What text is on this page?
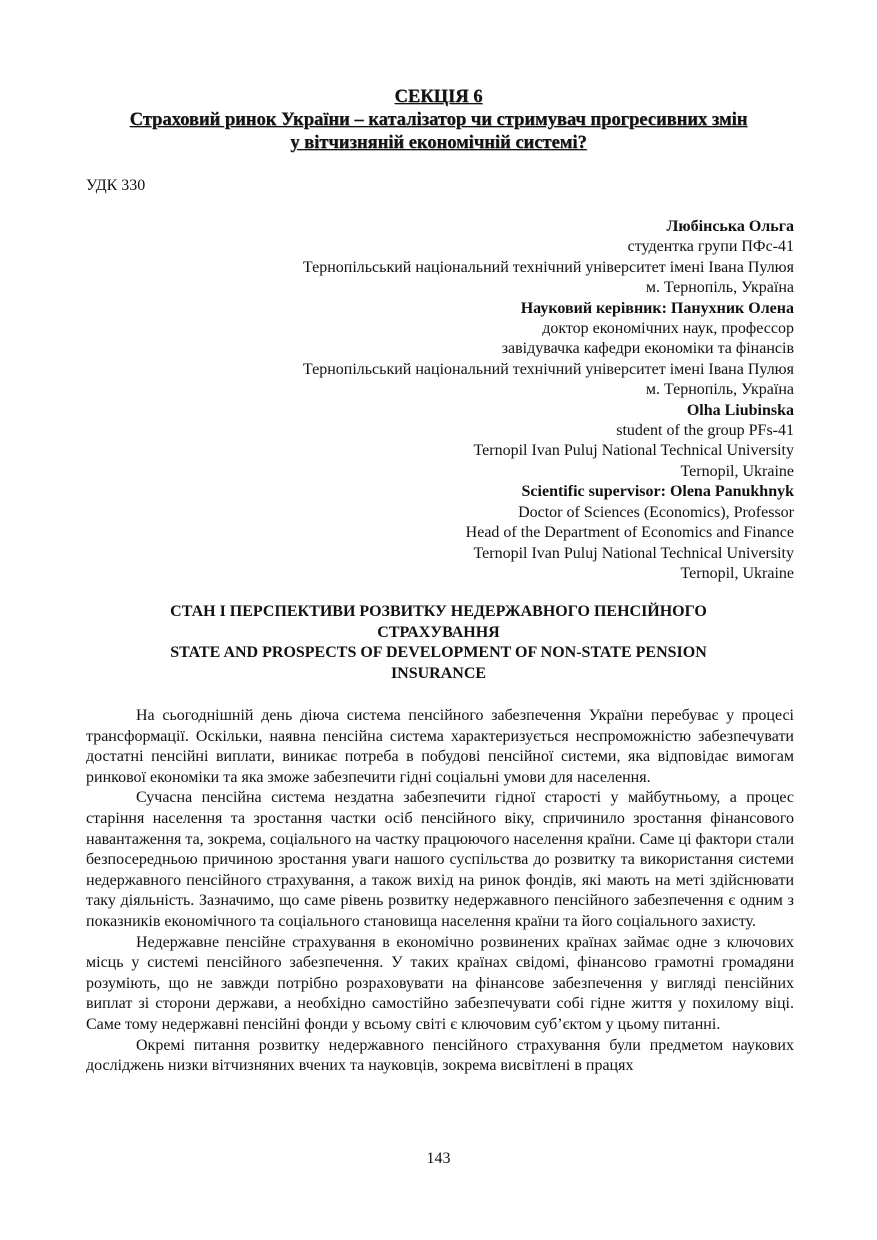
СЕКЦІЯ 6
Страховий ринок України – каталізатор чи стримувач прогресивних змін
у вітчизняній економічній системі?
УДК 330
Любінська Ольга
студентка групи ПФс-41
Тернопільський національний технічний університет імені Івана Пулюя
м. Тернопіль, Україна
Науковий керівник: Панухник Олена
доктор економічних наук, профессор
завідувачка кафедри економіки та фінансів
Тернопільський національний технічний університет імені Івана Пулюя
м. Тернопіль, Україна
Olha Liubinska
student of the group PFs-41
Ternopil Ivan Puluj National Technical University
Ternopil, Ukraine
Scientific supervisor: Olena Panukhnyk
Doctor of Sciences (Economics), Professor
Head of the Department of Economics and Finance
Ternopil Ivan Puluj National Technical University
Ternopil, Ukraine
СТАН І ПЕРСПЕКТИВИ РОЗВИТКУ НЕДЕРЖАВНОГО ПЕНСІЙНОГО
СТРАХУВАННЯ
STATE AND PROSPECTS OF DEVELOPMENT OF NON-STATE PENSION
INSURANCE

На сьогоднішній день діюча система пенсійного забезпечення України перебуває у процесі трансформації. Оскільки, наявна пенсійна система характеризується неспроможністю забезпечувати достатні пенсійні виплати, виникає потреба в побудові пенсійної системи, яка відповідає вимогам ринкової економіки та яка зможе забезпечити гідні соціальні умови для населення.

Сучасна пенсійна система нездатна забезпечити гідної старості у майбутньому, а процес старіння населення та зростання частки осіб пенсійного віку, спричинило зростання фінансового навантаження та, зокрема, соціального на частку працюючого населення країни. Саме ці фактори стали безпосередньою причиною зростання уваги нашого суспільства до розвитку та використання системи недержавного пенсійного страхування, а також вихід на ринок фондів, які мають на меті здійснювати таку діяльність. Зазначимо, що саме рівень розвитку недержавного пенсійного забезпечення є одним з показників економічного та соціального становища населення країни та його соціального захисту.

Недержавне пенсійне страхування в економічно розвинених країнах займає одне з ключових місць у системі пенсійного забезпечення. У таких країнах свідомі, фінансово грамотні громадяни розуміють, що не завжди потрібно розраховувати на фінансове забезпечення у вигляді пенсійних виплат зі сторони держави, а необхідно самостійно забезпечувати собі гідне життя у похилому віці. Саме тому недержавні пенсійні фонди у всьому світі є ключовим суб’єктом у цьому питанні.

Окремі питання розвитку недержавного пенсійного страхування були предметом наукових досліджень низки вітчизняних вчених та науковців, зокрема висвітлені в працях

143
